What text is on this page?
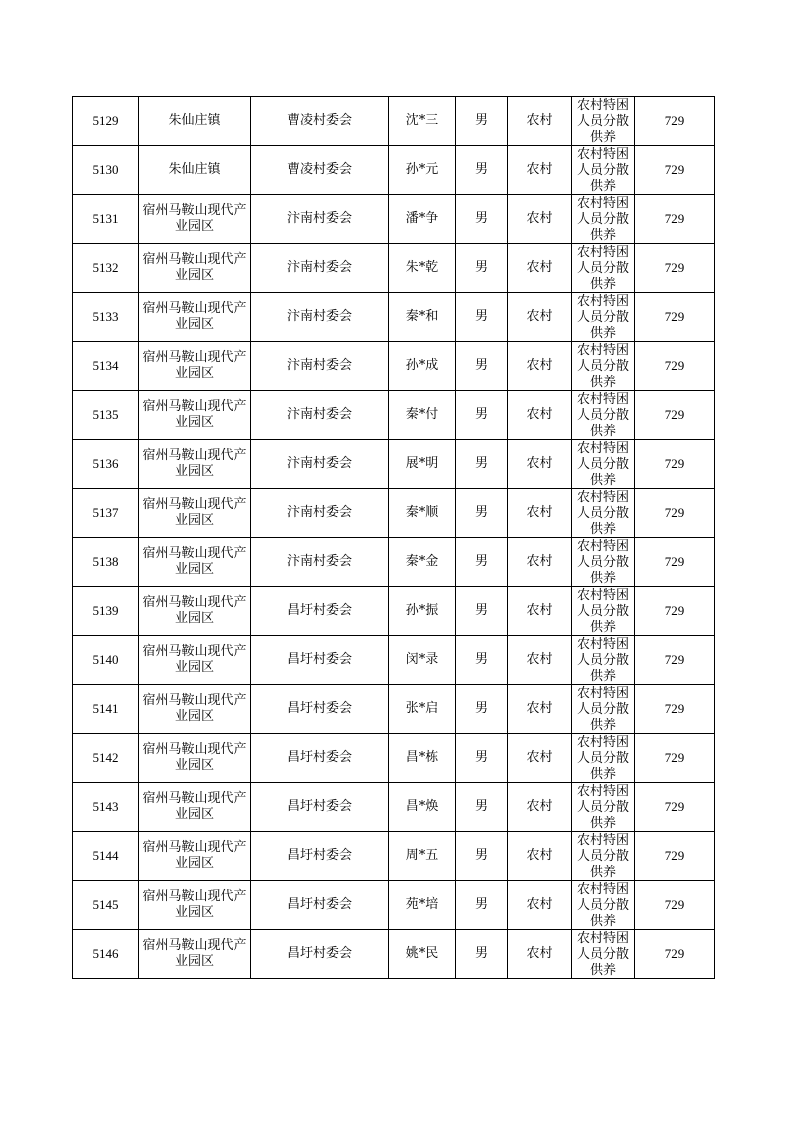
5129	朱仙庄镇	曹凌村委会	沈*三	男	农村	农村特困人员分散供养	729
5130	朱仙庄镇	曹凌村委会	孙*元	男	农村	农村特困人员分散供养	729
5131	宿州马鞍山现代产业园区	汴南村委会	潘*争	男	农村	农村特困人员分散供养	729
5132	宿州马鞍山现代产业园区	汴南村委会	朱*乾	男	农村	农村特困人员分散供养	729
5133	宿州马鞍山现代产业园区	汴南村委会	秦*和	男	农村	农村特困人员分散供养	729
5134	宿州马鞍山现代产业园区	汴南村委会	孙*成	男	农村	农村特困人员分散供养	729
5135	宿州马鞍山现代产业园区	汴南村委会	秦*付	男	农村	农村特困人员分散供养	729
5136	宿州马鞍山现代产业园区	汴南村委会	展*明	男	农村	农村特困人员分散供养	729
5137	宿州马鞍山现代产业园区	汴南村委会	秦*顺	男	农村	农村特困人员分散供养	729
5138	宿州马鞍山现代产业园区	汴南村委会	秦*金	男	农村	农村特困人员分散供养	729
5139	宿州马鞍山现代产业园区	昌圩村委会	孙*振	男	农村	农村特困人员分散供养	729
5140	宿州马鞍山现代产业园区	昌圩村委会	闵*录	男	农村	农村特困人员分散供养	729
5141	宿州马鞍山现代产业园区	昌圩村委会	张*启	男	农村	农村特困人员分散供养	729
5142	宿州马鞍山现代产业园区	昌圩村委会	昌*栋	男	农村	农村特困人员分散供养	729
5143	宿州马鞍山现代产业园区	昌圩村委会	昌*焕	男	农村	农村特困人员分散供养	729
5144	宿州马鞍山现代产业园区	昌圩村委会	周*五	男	农村	农村特困人员分散供养	729
5145	宿州马鞍山现代产业园区	昌圩村委会	苑*培	男	农村	农村特困人员分散供养	729
5146	宿州马鞍山现代产业园区	昌圩村委会	姚*民	男	农村	农村特困人员分散供养	729
